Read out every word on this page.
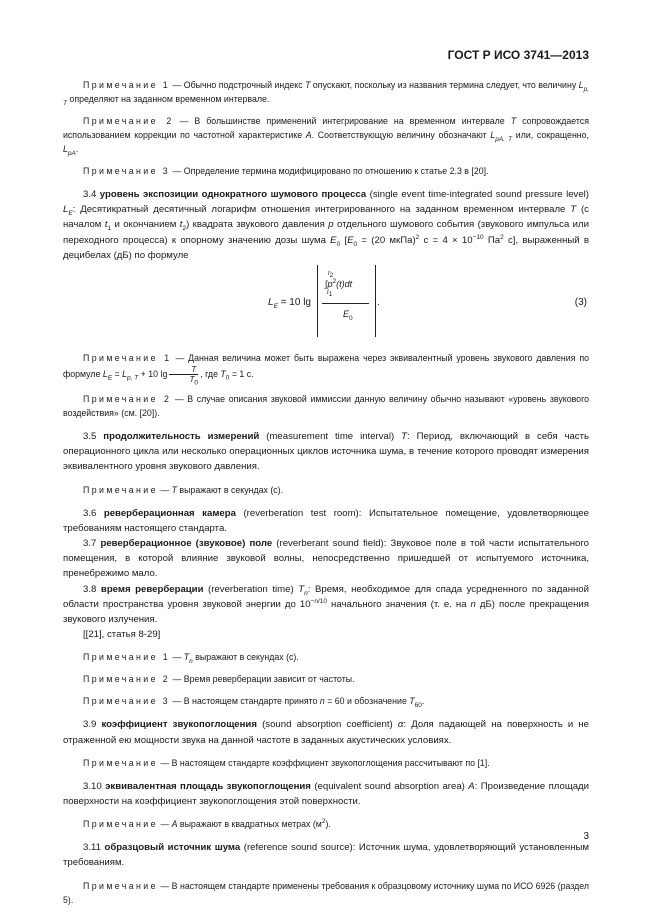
ГОСТ Р ИСО 3741—2013

Примечание 1 — Обычно подстрочный индекс T опускают, поскольку из названия термина следует, что величину $L_{p, T}$ определяют на заданном временном интервале.

Примечание 2 — В большинстве применений интегрирование на временном интервале T сопровождается использованием коррекции по частотной характеристике A. Соответствующую величину обозначают $L_{pA, T}$ или, сокращенно, $L_{pA}$.

Примечание 3 — Определение термина модифицировано по отношению к статье 2.3 в [20].

3.4 уровень экспозиции однократного шумового процесса (single event time-integrated sound pressure level) $L_E$: Десятикратный десятичный логарифм отношения интегрированного на заданном временном интервале T (с началом $t_1$ и окончанием $t_2$) квадрата звукового давления p отдельного шумового события (звукового импульса или переходного процесса) к опорному значению дозы шума $E_0$ [$E_0 = (20$ мкПа)$^2$ $с = 4 \times 10^{-10}$ $Па^2$ с], выраженный в децибелах (дБ) по формуле

$L_E = 10$ lg
$t_2$
$\int p^2(t)dt$
$t_1$
$E_0$
.	(3)

Примечание 1 — Данная величина может быть выражена через эквивалентный уровень звукового давления по формуле $L_E = L_{p, T} + 10$ $\lg \frac{T}{T_0}$ , где $T_0 = 1$ с.

Примечание 2 — В случае описания звуковой иммиссии данную величину обычно называют «уровень звукового воздействия» (см. [20]).

3.5 продолжительность измерений (measurement time interval) T: Период, включающий в себя часть операционного цикла или несколько операционных циклов источника шума, в течение которого проводят измерения эквивалентного уровня звукового давления.

Примечание — T выражают в секундах (с).

3.6 реверберационная камера (reverberation test room): Испытательное помещение, удовлетворяющее требованиям настоящего стандарта.

3.7 реверберационное (звуковое) поле (reverberant sound field): Звуковое поле в той части испытательного помещения, в которой влияние звуковой волны, непосредственно пришедшей от испытуемого источника, пренебрежимо мало.

3.8 время реверберации (reverberation time) $T_n$: Время, необходимое для спада усредненного по заданной области пространства уровня звуковой энергии до $10^{-n/10}$ начального значения (т. е. на n дБ) после прекращения звукового излучения.

[[21], статья 8-29]

Примечание 1 — $T_n$ выражают в секундах (с).

Примечание 2 — Время реверберации зависит от частоты.

Примечание 3 — В настоящем стандарте принято n = 60 и обозначение $T_{60}$.

3.9 коэффициент звукопоглощения (sound absorption coefficient) α: Доля падающей на поверхность и не отраженной ею мощности звука на данной частоте в заданных акустических условиях.

Примечание — В настоящем стандарте коэффициент звукопоглощения рассчитывают по [1].

3.10 эквивалентная площадь звукопоглощения (equivalent sound absorption area) A: Произведение площади поверхности на коэффициент звукопоглощения этой поверхности.

Примечание — A выражают в квадратных метрах $(м^2)$.

3.11 образцовый источник шума (reference sound source): Источник шума, удовлетворяющий установленным требованиям.

Примечание — В настоящем стандарте применены требования к образцовому источнику шума по ИСО 6926 (раздел 5).

3
